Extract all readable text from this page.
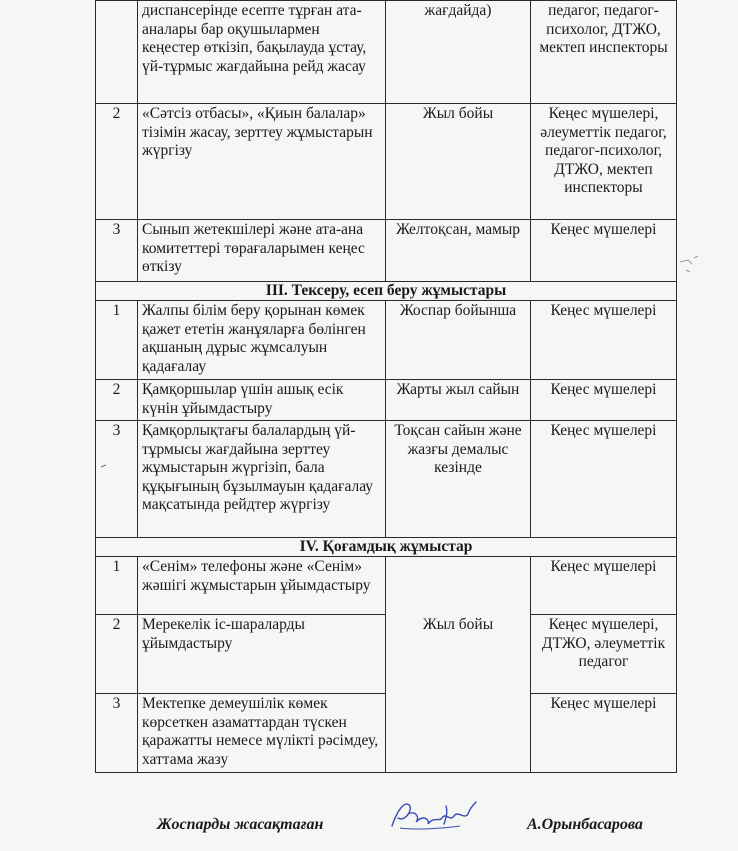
	диспансерінде есепте тұрған ата-аналары бар оқушылармен кеңестер өткізіп, бақылауда ұстау, үй-тұрмыс жағдайына рейд жасау	жағдайда)	педагог, педагог-психолог, ДТЖО, мектеп инспекторы
2	«Сәтсіз отбасы», «Қиын балалар» тізімін жасау, зерттеу жұмыстарын жүргізу	Жыл бойы	Кеңес мүшелері, әлеуметтік педагог, педагог-психолог, ДТЖО, мектеп инспекторы
3	Сынып жетекшілері және ата-ана комитеттері төрағаларымен кеңес өткізу	Желтоқсан, мамыр	Кеңес мүшелері
ІІІ. Тексеру, есеп беру жұмыстары			
1	Жалпы білім беру қорынан көмек қажет ететін жанұяларға бөлінген ақшаның дұрыс жұмсалуын қадағалау	Жоспар бойынша	Кеңес мүшелері
2	Қамқоршылар үшін ашық есік күнін ұйымдастыру	Жарты жыл сайын	Кеңес мүшелері
3	Қамқорлықтағы балалардың үй-тұрмысы жағдайына зерттеу жұмыстарын жүргізіп, бала құқығының бұзылмауын қадағалау мақсатында рейдтер жүргізу	Тоқсан сайын және жазғы демалыс кезінде	Кеңес мүшелері
ІV. Қоғамдық жұмыстар			
1	«Сенім» телефоны және «Сенім» жәшігі жұмыстарын ұйымдастыру	Жыл бойы	Кеңес мүшелері
2	Мерекелік іс-шараларды ұйымдастыру		Кеңес мүшелері, ДТЖО, әлеуметтік педагог
3	Мектепке демеушілік көмек көрсеткен азаматтардан түскен қаражатты немесе мүлікті рәсімдеу, хаттама жазу		Кеңес мүшелері
Жоспарды жасақтаған	А.Орынбасарова
